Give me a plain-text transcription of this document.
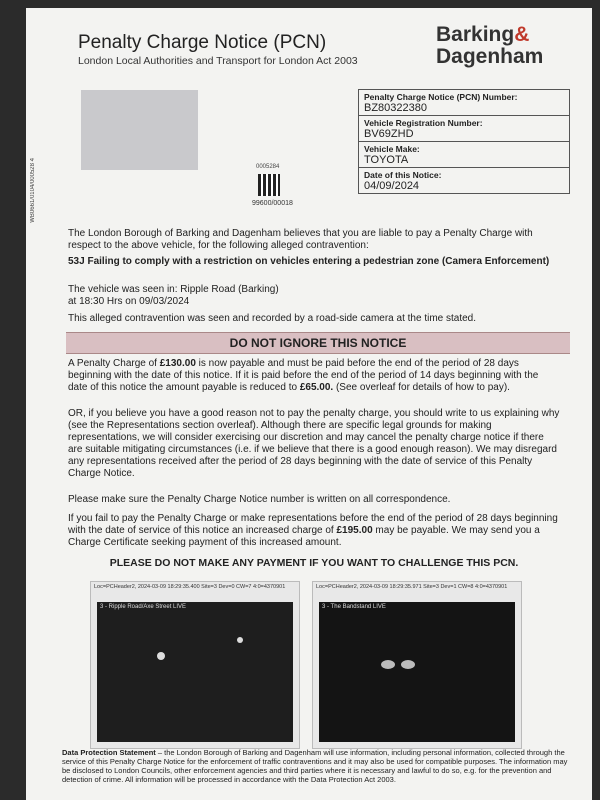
Penalty Charge Notice (PCN)
London Local Authorities and Transport for London Act 2003
Barking&
Dagenham
WB0661/0104/000528 4	0005284
99600/00018
Penalty Charge Notice (PCN) Number:
BZ80322380
Vehicle Registration Number:
BV69ZHD
Vehicle Make:
TOYOTA
Date of this Notice:
04/09/2024
The London Borough of Barking and Dagenham believes that you are liable to pay a Penalty Charge with respect to the above vehicle, for the following alleged contravention:
53J Failing to comply with a restriction on vehicles entering a pedestrian zone (Camera Enforcement)
The vehicle was seen in: Ripple Road (Barking)
at 18:30 Hrs on 09/03/2024
This alleged contravention was seen and recorded by a road-side camera at the time stated.
DO NOT IGNORE THIS NOTICE
A Penalty Charge of £130.00 is now payable and must be paid before the end of the period of 28 days beginning with the date of this notice. If it is paid before the end of the period of 14 days beginning with the date of this notice the amount payable is reduced to £65.00. (See overleaf for details of how to pay).
OR, if you believe you have a good reason not to pay the penalty charge, you should write to us explaining why (see the Representations section overleaf). Although there are specific legal grounds for making representations, we will consider exercising our discretion and may cancel the penalty charge notice if there are suitable mitigating circumstances (i.e. if we believe that there is a good enough reason). We may disregard any representations received after the period of 28 days beginning with the date of service of this Penalty Charge Notice.
Please make sure the Penalty Charge Notice number is written on all correspondence.
If you fail to pay the Penalty Charge or make representations before the end of the period of 28 days beginning with the date of service of this notice an increased charge of £195.00 may be payable. We may send you a Charge Certificate seeking payment of this increased amount.
PLEASE DO NOT MAKE ANY PAYMENT IF YOU WANT TO CHALLENGE THIS PCN.
Loc=PCHeader2, 2024-03-09 18:29:35.400 Site=3 Dev=0 CW=7 4:0=4370901
3 - Ripple Road/Axe Street LIVE
Loc=PCHeader2, 2024-03-09 18:29:35.971 Site=3 Dev=1 CW=8 4:0=4370901
3 - The Bandstand LIVE
Data Protection Statement – the London Borough of Barking and Dagenham will use information, including personal information, collected through the service of this Penalty Charge Notice for the enforcement of traffic contraventions and it may also be used for compatible purposes. The information may be disclosed to London Councils, other enforcement agencies and third parties where it is necessary and lawful to do so, e.g. for the prevention and detection of crime. All information will be processed in accordance with the Data Protection Act 2003.
